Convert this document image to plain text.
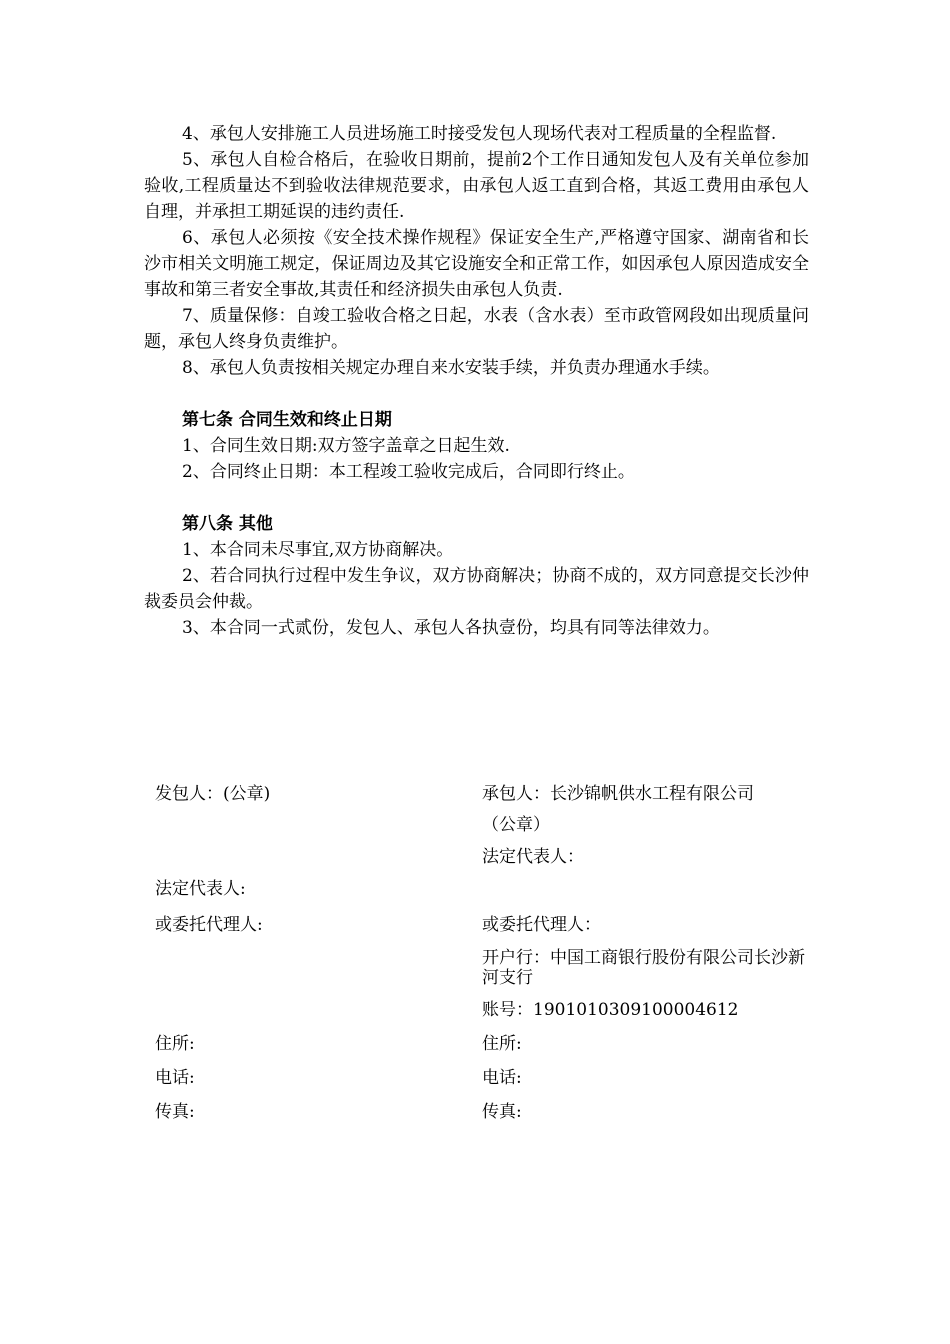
4、承包人安排施工人员进场施工时接受发包人现场代表对工程质量的全程监督.

5、承包人自检合格后，在验收日期前，提前2个工作日通知发包人及有关单位参加验收,工程质量达不到验收法律规范要求，由承包人返工直到合格，其返工费用由承包人自理，并承担工期延误的违约责任.

6、承包人必须按《安全技术操作规程》保证安全生产,严格遵守国家、湖南省和长沙市相关文明施工规定，保证周边及其它设施安全和正常工作，如因承包人原因造成安全事故和第三者安全事故,其责任和经济损失由承包人负责.

7、质量保修：自竣工验收合格之日起，水表（含水表）至市政管网段如出现质量问题，承包人终身负责维护。

8、承包人负责按相关规定办理自来水安装手续，并负责办理通水手续。

第七条 合同生效和终止日期

1、合同生效日期:双方签字盖章之日起生效.

2、合同终止日期：本工程竣工验收完成后，合同即行终止。

第八条 其他

1、本合同未尽事宜,双方协商解决。

2、若合同执行过程中发生争议，双方协商解决；协商不成的，双方同意提交长沙仲裁委员会仲裁。

3、本合同一式贰份，发包人、承包人各执壹份，均具有同等法律效力。

发包人：(公章)
法定代表人:
或委托代理人:
住所:
电话:
传真:
承包人：长沙锦帆供水工程有限公司
（公章）
法定代表人：
或委托代理人：
开户行：中国工商银行股份有限公司长沙新河支行
账号：1901010309100004612
住所:
电话:
传真:
